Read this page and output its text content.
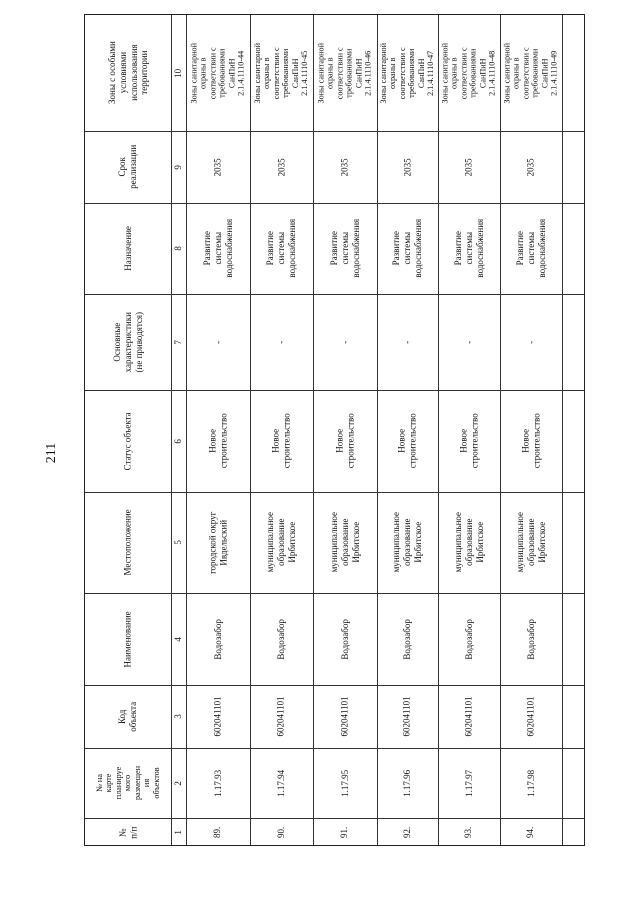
211
Зоны с особыми
условиями
использования
территории
Срок
реализации
Назначение
Основные
характеристики
(не приводятся)
Статус объекта
Местоположение
Наименование
Код
объекта
№ на
карте
планируе
мого
размещен
ия
объектов
№
п/п
10
9
8
7
6
5
4
3
2
1
Зоны санитарной
охраны в
соответствии с
требованиями
СанПиН 2.1.4.1110-44
2035
Развитие
системы
водоснабжения
-
Новое
строительство
городской округ
Ивдельский
Водозабор
602041101
1.17.93
89.
Зоны санитарной
охраны в
соответствии с
требованиями
СанПиН 2.1.4.1110-45
2035
Развитие
системы
водоснабжения
-
Новое
строительство
муниципальное
образование
Ирбитское
Водозабор
602041101
1.17.94
90.
Зоны санитарной
охраны в
соответствии с
требованиями
СанПиН 2.1.4.1110-46
2035
Развитие
системы
водоснабжения
-
Новое
строительство
муниципальное
образование
Ирбитское
Водозабор
602041101
1.17.95
91.
Зоны санитарной
охраны в
соответствии с
требованиями
СанПиН 2.1.4.1110-47
2035
Развитие
системы
водоснабжения
-
Новое
строительство
муниципальное
образование
Ирбитское
Водозабор
602041101
1.17.96
92.
Зоны санитарной
охраны в
соответствии с
требованиями
СанПиН 2.1.4.1110-48
2035
Развитие
системы
водоснабжения
-
Новое
строительство
муниципальное
образование
Ирбитское
Водозабор
602041101
1.17.97
93.
Зоны санитарной
охраны в
соответствии с
требованиями
СанПиН 2.1.4.1110-49
2035
Развитие
системы
водоснабжения
-
Новое
строительство
муниципальное
образование
Ирбитское
Водозабор
602041101
1.17.98
94.
